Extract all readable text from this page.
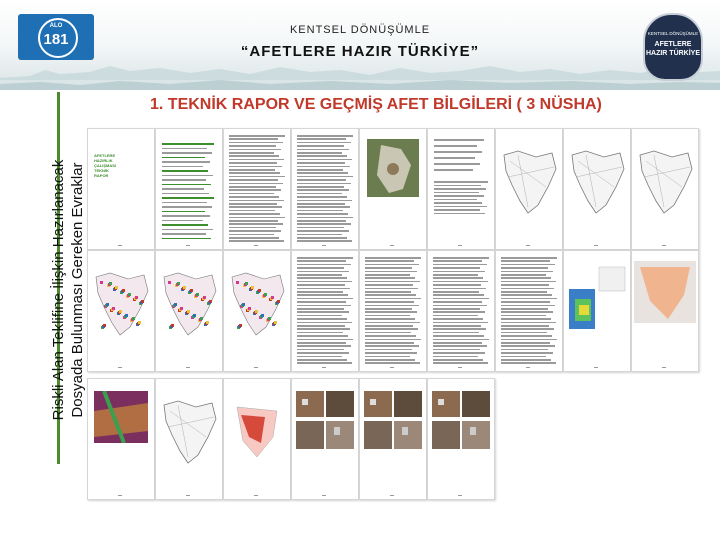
ALO
181
KENTSEL DÖNÜŞÜMLE
“AFETLERE HAZIR TÜRKİYE”
KENTSEL DÖNÜŞÜMLE
AFETLERE HAZIR TÜRKİYE
Riskli Alan Teklifine İlişkin Hazırlanacak Dosyada Bulunması Gereken Evraklar
1. TEKNİK RAPOR VE GEÇMİŞ AFET BİLGİLERİ ( 3 NÜSHA)
AFETLERE HAZIRLIK ÇALIŞMASI TEKNİK RAPOR
